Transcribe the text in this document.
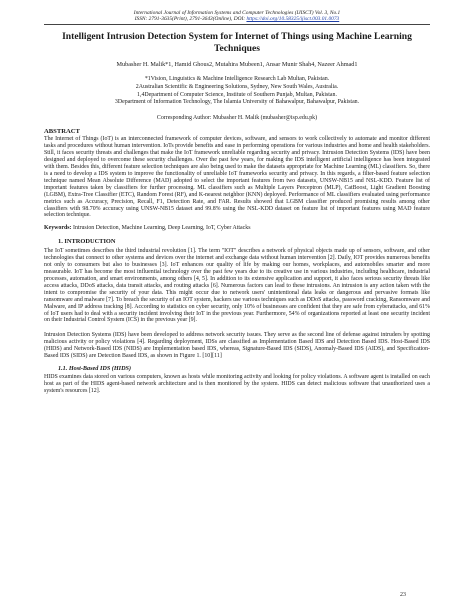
International Journal of Information Systems and Computer Technologies (IJISCT) Vol. 3, No.1
ISSN: 2791-3635(Print), 2791-3643(Online), DOI: https://doi.org/10.58325/ijisct.003.01.0073
Intelligent Intrusion Detection System for Internet of Things using Machine Learning Techniques
Mubasher H. Malik*1, Hamid Ghous2, Mutahira Mubeen1, Ansar Munir Shah4, Nazeer Ahmad1
*1Vision, Linguistics & Machine Intelligence Research Lab Multan, Pakistan.
2Australian Scientific & Engineering Solutions, Sydney, New South Wales, Australia.
1,4Department of Computer Science, Institute of Southern Punjab, Multan, Pakistan.
3Department of Information Technology, The Islamia University of Bahawalpur, Bahawalpur, Pakistan.
Corresponding Author: Mubasher H. Malik (mubasher@isp.edu.pk)
ABSTRACT

The Internet of Things (IoT) is an interconnected framework of computer devices, software, and sensors to work collectively to automate and monitor different tasks and procedures without human intervention. IoTs provide benefits and ease in performing operations for various industries and home and health stakeholders. Still, it faces security threats and challenges that make the IoT framework unreliable regarding security and privacy. Intrusion Detection Systems (IDS) have been designed and deployed to overcome these security challenges. Over the past few years, for making the IDS intelligent artificial intelligence has been integrated with them. Besides this, different feature selection techniques are also being used to make the datasets appropriate for Machine Learning (ML) classifiers. So, there is a need to develop a IDS system to improve the functionality of unreliable IoT frameworks security and privacy. In this regards, a filter-based feature selection technique named Mean Absolute Difference (MAD) adopted to select the important features from two datasets, UNSW-NB15 and NSL-KDD. Feature list of important features taken by classifiers for further processing. ML classifiers such as Multiple Layers Perceptron (MLP), CatBoost, Light Gradient Boosting (LGBM), Extra-Tree Classifier (ETC), Random Forest (RF), and K-nearest neighbor (KNN) deployed. Performance of ML classifiers evaluated using performance metrics such as Accuracy, Precision, Recall, F1, Detection Rate, and FAR. Results showed that LGBM classifier produced promising results among other classifiers with 98.70% accuracy using UNSW-NB15 dataset and 99.8% using the NSL-KDD dataset on feature list of important features using MAD feature selection technique.

Keywords: Intrusion Detection, Machine Learning, Deep Learning, IoT, Cyber Attacks

1. INTRODUCTION

The IoT sometimes describes the third industrial revolution [1]. The term "IOT" describes a network of physical objects made up of sensors, software, and other technologies that connect to other systems and devices over the internet and exchange data without human intervention [2]. Daily, IOT provides numerous benefits not only to consumers but also to businesses [3]. IoT enhances our quality of life by making our homes, workplaces, and automobiles smarter and more measurable. IoT has become the most influential technology over the past few years due to its creative use in various industries, including healthcare, industrial processes, automation, and smart environments, among others [4, 5]. In addition to its extensive application and support, it also faces serious security threats like access attacks, DDoS attacks, data transit attacks, and routing attacks [6]. Numerous factors can lead to these intrusions. An intrusion is any action taken with the intent to compromise the security of your data. This might occur due to network users' unintentional data leaks or dangerous and pervasive formats like ransomware and malware [7]. To breach the security of an IOT system, hackers use various techniques such as DDoS attacks, password cracking, Ransomware and Malware, and IP address tracking [8]. According to statistics on cyber security, only 10% of businesses are confident that they are safe from cyberattacks, and 61% of IoT users had to deal with a security incident involving their IoT in the previous year. Furthermore, 54% of organizations reported at least one security incident on their Industrial Control System (ICS) in the previous year [9].

Intrusion Detection Systems (IDS) have been developed to address network security issues. They serve as the second line of defense against intruders by spotting malicious activity or policy violations [4]. Regarding deployment, IDSs are classified as Implementation Based IDS and Detection Based IDS. Host-Based IDS (HIDS) and Network-Based IDS (NIDS) are Implementation based IDS, whereas, Signature-Based IDS (SIDS), Anomaly-Based IDS (AIDS), and Specification-Based IDS (SIDS) are Detection Based IDS, as shown in Figure 1. [10][11]

1.1. Host-Based IDS (HIDS)

HIDS examines data stored on various computers, known as hosts while monitoring activity and looking for policy violations. A software agent is installed on each host as part of the HIDS agent-based network architecture and is then monitored by the system. HIDS can detect malicious software that unauthorized uses a system's resources [12].

23
